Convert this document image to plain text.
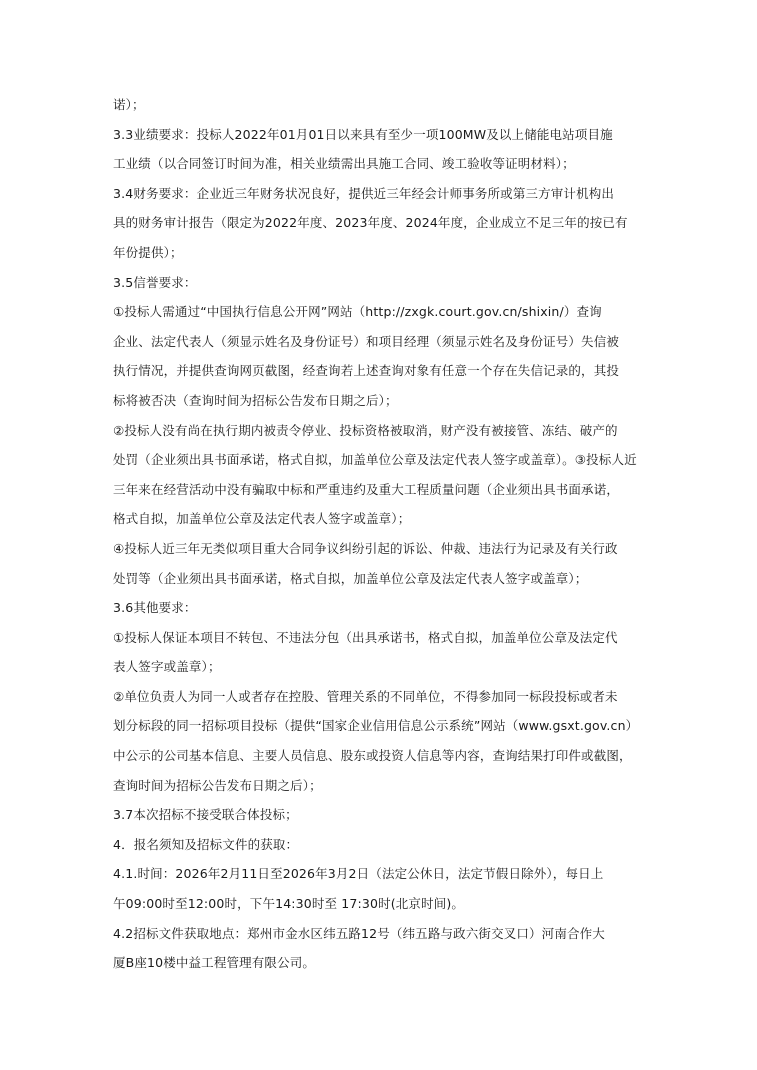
诺）；
3.3业绩要求：投标人2022年01月01日以来具有至少一项100MW及以上储能电站项目施
工业绩（以合同签订时间为准，相关业绩需出具施工合同、竣工验收等证明材料）；
3.4财务要求：企业近三年财务状况良好，提供近三年经会计师事务所或第三方审计机构出
具的财务审计报告（限定为2022年度、2023年度、2024年度，企业成立不足三年的按已有
年份提供）；
3.5信誉要求：
①投标人需通过“中国执行信息公开网”网站（http://zxgk.court.gov.cn/shixin/）查询
企业、法定代表人（须显示姓名及身份证号）和项目经理（须显示姓名及身份证号）失信被
执行情况，并提供查询网页截图，经查询若上述查询对象有任意一个存在失信记录的，其投
标将被否决（查询时间为招标公告发布日期之后）；
②投标人没有尚在执行期内被责令停业、投标资格被取消，财产没有被接管、冻结、破产的
处罚（企业须出具书面承诺，格式自拟，加盖单位公章及法定代表人签字或盖章）。③投标人近
三年来在经营活动中没有骗取中标和严重违约及重大工程质量问题（企业须出具书面承诺，
格式自拟，加盖单位公章及法定代表人签字或盖章）；
④投标人近三年无类似项目重大合同争议纠纷引起的诉讼、仲裁、违法行为记录及有关行政
处罚等（企业须出具书面承诺，格式自拟，加盖单位公章及法定代表人签字或盖章）；
3.6其他要求：
①投标人保证本项目不转包、不违法分包（出具承诺书，格式自拟，加盖单位公章及法定代
表人签字或盖章）；
②单位负责人为同一人或者存在控股、管理关系的不同单位，不得参加同一标段投标或者未
划分标段的同一招标项目投标（提供“国家企业信用信息公示系统”网站（www.gsxt.gov.cn）
中公示的公司基本信息、主要人员信息、股东或投资人信息等内容，查询结果打印件或截图，
查询时间为招标公告发布日期之后）；
3.7本次招标不接受联合体投标；
4．报名须知及招标文件的获取：
4.1.时间：2026年2月11日至2026年3月2日（法定公休日，法定节假日除外），每日上
午09:00时至12:00时，下午14:30时至 17:30时(北京时间)。
4.2招标文件获取地点：郑州市金水区纬五路12号（纬五路与政六街交叉口）河南合作大
厦B座10楼中益工程管理有限公司。
